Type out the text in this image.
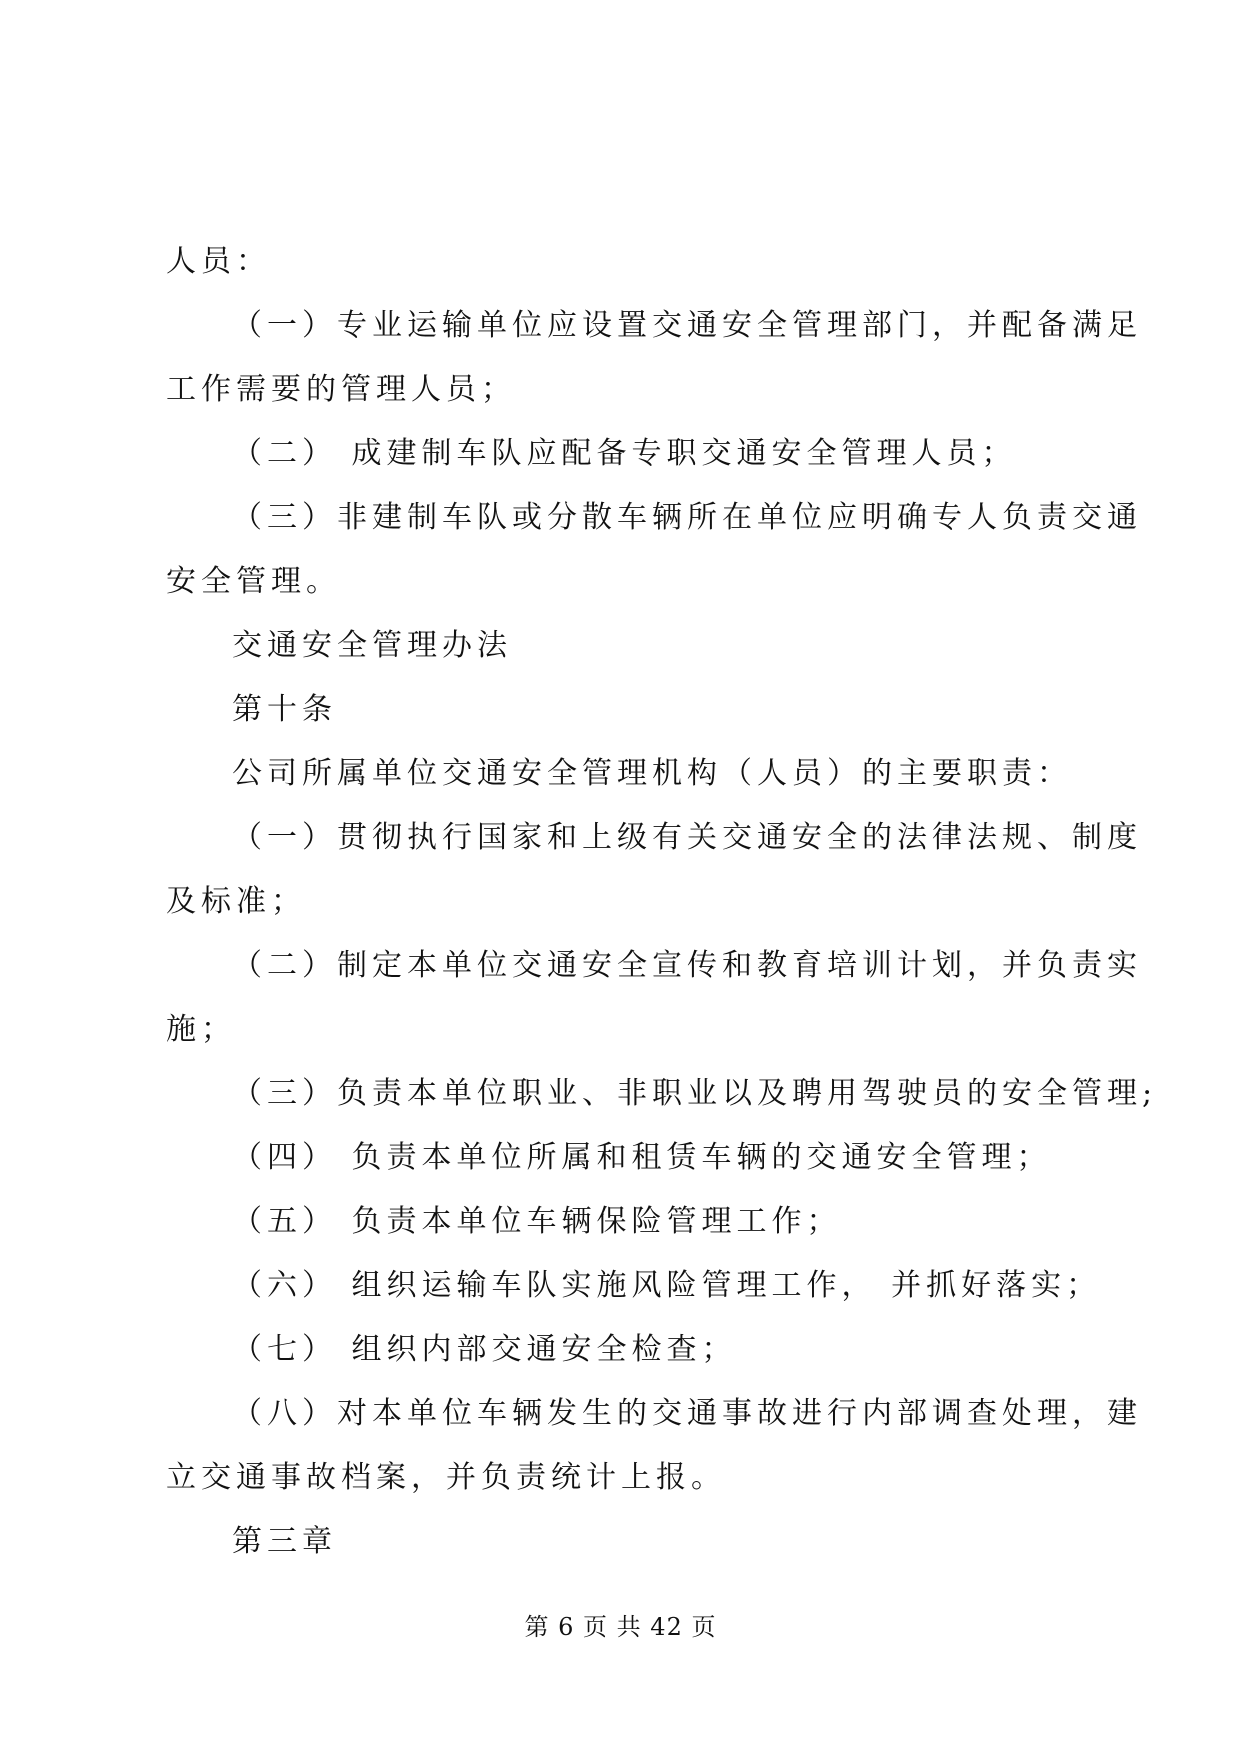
人员：
（一）专业运输单位应设置交通安全管理部门，并配备满足
工作需要的管理人员；
（二） 成建制车队应配备专职交通安全管理人员；
（三）非建制车队或分散车辆所在单位应明确专人负责交通
安全管理。
交通安全管理办法
第十条
公司所属单位交通安全管理机构（人员）的主要职责：
（一）贯彻执行国家和上级有关交通安全的法律法规、制度
及标准；
（二）制定本单位交通安全宣传和教育培训计划，并负责实
施；
（三）负责本单位职业、非职业以及聘用驾驶员的安全管理;
（四） 负责本单位所属和租赁车辆的交通安全管理；
（五） 负责本单位车辆保险管理工作；
（六） 组织运输车队实施风险管理工作， 并抓好落实；
（七） 组织内部交通安全检查；
（八）对本单位车辆发生的交通事故进行内部调查处理，建
立交通事故档案，并负责统计上报。
第三章
第 6 页 共 42 页
